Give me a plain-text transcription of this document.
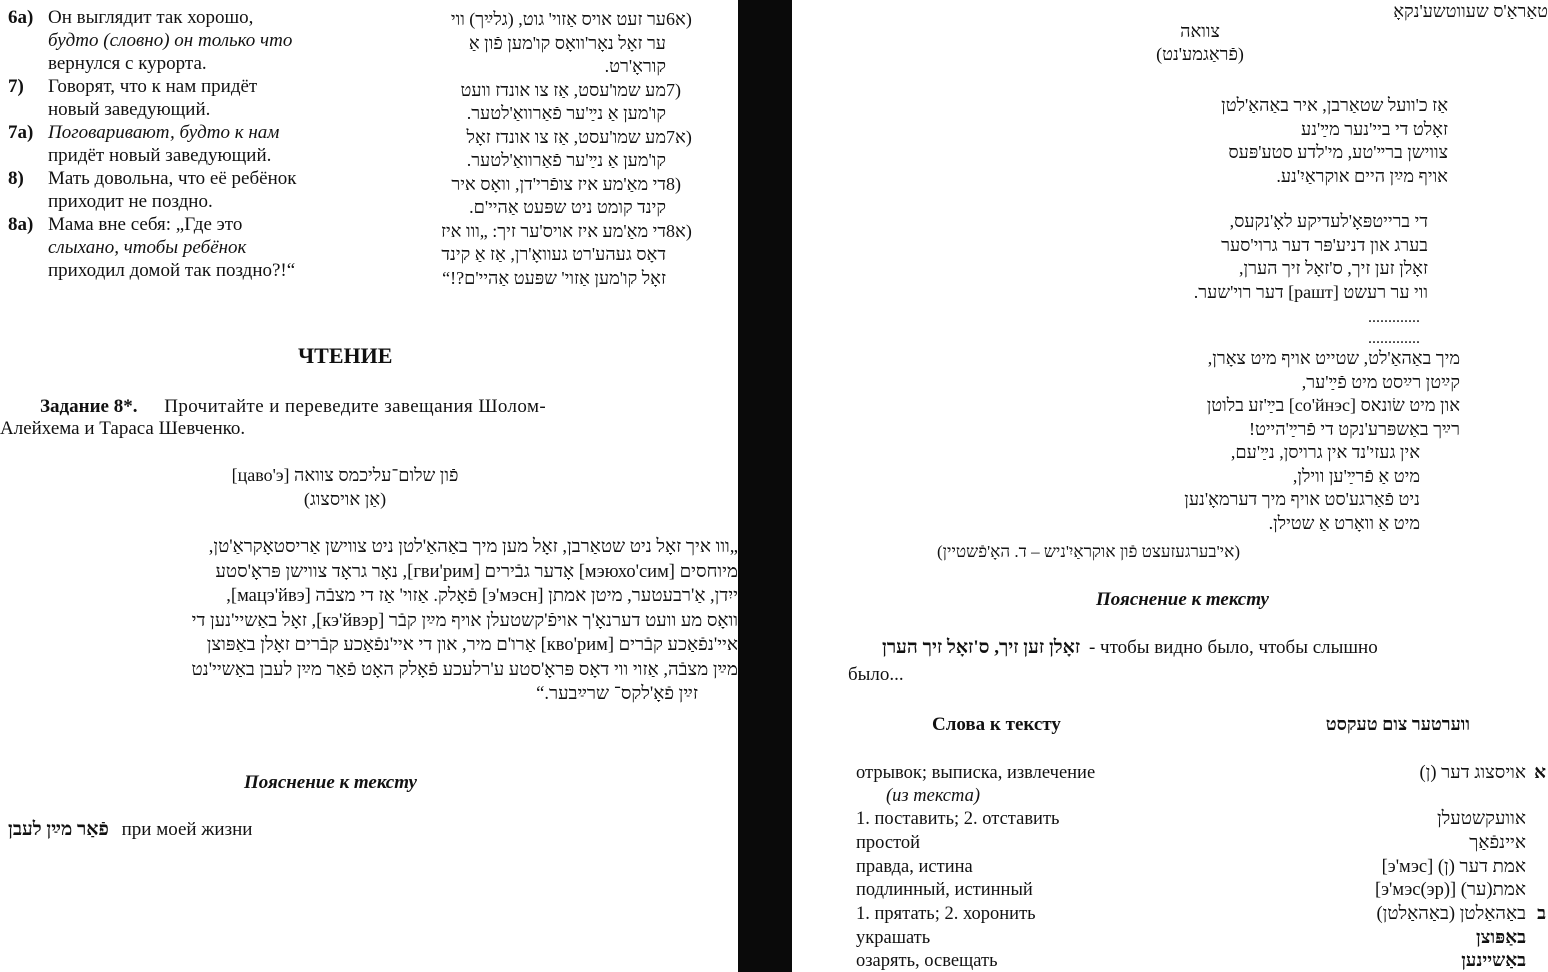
6а) Он выглядит так хорошо,
будто (словно) он только что
вернулся с курорта.
7) Говорят, что к нам придёт
новый заведующий.
7а) Поговаривают, будто к нам
придёт новый заведующий.
8) Мать довольна, что её ребёнок
приходит не поздно.
8а) Мама вне себя: „Где это
слыхано, чтобы ребёнок
приходил домой так поздно?!“
6א)ער זעט אויס אַזוי' גוט, (גלײַך) ווי
ער זאָל נאָר'וואָס קו'מען פֿון אַ
קוראָ'רט.
7)מע שמו'עסט, אַז צו אונדז וועט
קו'מען אַ נײַ'ער פֿאַרוואַ'לטער.
7א)מע שמו'עסט, אַז צו אונדז זאָל
קו'מען אַ נײַ'ער פֿאַרוואַ'לטער.
8)די מאַ'מע איז צופֿרי'דן, וואָס איר
קינד קומט ניט שפּעט אַהיי'ם.
8א)די מאַ'מע איז אויס'ער זיך: „ווו איז
דאָס געהע'רט געוואָ'רן, אַז אַ קינד
זאָל קו'מען אַזוי' שפּעט אַהיי'ם?!“
ЧТЕНИЕ
Задание 8*. Прочитайте и переведите завещания Шолом-
Алейхема и Тараса Шевченко.
[цаво'э] פֿון שלום־עליכמס צוואה
(אַן אויסצוג)
„ווו איך זאָל ניט שטאַרבן, זאָל מען מיך באַהאַ'לטן ניט צווישן אַריסטאָקראַ'טן,
מיוחסים [мэюхо'сим] אָדער גבֿירים [гви'рим], נאָר גראָד צווישן פּראָ'סטע
ייִדן, אַ'רבעטער, מיטן אמתן [э'мэсн] פֿאָלק. אַזוי' אַז די מצבֿה [мацэ'йвэ],
וואָס מע וועט דערנאָ'ך אויפֿ'קשטעלן אויף מײַן קבֿר [кэ'йвэр], זאָל באַשיי'נען די
איי'נפֿאַכע קבֿרים [кво'рим] אַרו'ם מיר, און די איי'נפֿאַכע קבֿרים זאָלן באַפּוצן
מײַן מצבֿה, אַזוי ווי דאָס פּראָ'סטע ע'רלעכע פֿאָלק האָט פֿאַר מײַן לעבן באַשיי'נט
זײַן פֿאָ'לקס־ שרײַבער.“
Пояснение к тексту
פֿאַר מײַן לעבן при моей жизни
טאַראַ'ס שעווטשע'נקאָ
צוואה
(פֿראַגמע'נט)
אַז כ'וועל שטאַרבן, איר באַהאַ'לטן
זאָלט די ביי'נער מײַ'נע
צווישן ברײ'טע, מי'לדע סטע'פּעס
אויף מײַן היים אוקראַיִ'נע.
די ברייטפּאָ'לעדיקע לאָ'נקעס,
בערג און דניע'פּר דער גרוי'סער
זאָלן זען זיך, ס'זאָל זיך הערן,
ווי ער רעשט [рашт] דער רוי'שער.
.............
.............
מיך באַהאַ'לט, שטייט אויף מיט צאָרן,
קײַטן רײַסט מיט פֿײַ'ער,
און מיט שׂונאס [со'йнэс] בײַ'זע בלוטן
רײַך באַשפּרע'נקט די פֿרײַ'הייט!
אין געזי'נד אין גרויסן, נײַ'עם,
מיט אַ פֿרײַ'ען ווילן,
ניט פֿאַרגע'סט אויף מיך דערמאָ'נען
מיט אַ וואָרט אַ שטילן.
(אי'בערגעזעצט פֿון אוקראַיִ'ניש – ד. האָ'פֿשטיין)
Пояснение к тексту
זאָלן זען זיך, ס'זאָל זיך הערן - чтобы видно было, чтобы слышно
было...
Слова к тексту	ווערטער צום טעקסט
отрывок; выписка, извлечение	אויסצוג דער (ן) א
(из текста)
1. поставить; 2. отставить	אוועקשטעלן
простой	איינפֿאַך
правда, истина	אמת דער (ן) [э'мэс]
подлинный, истинный	אמת(ער) [э'мэс(эр)]
1. прятать; 2. хоронить	באַהאַלטן (באַהאַלטן) ב
украшать	באַפּוצן
озарять, освещать	באַשיינען
